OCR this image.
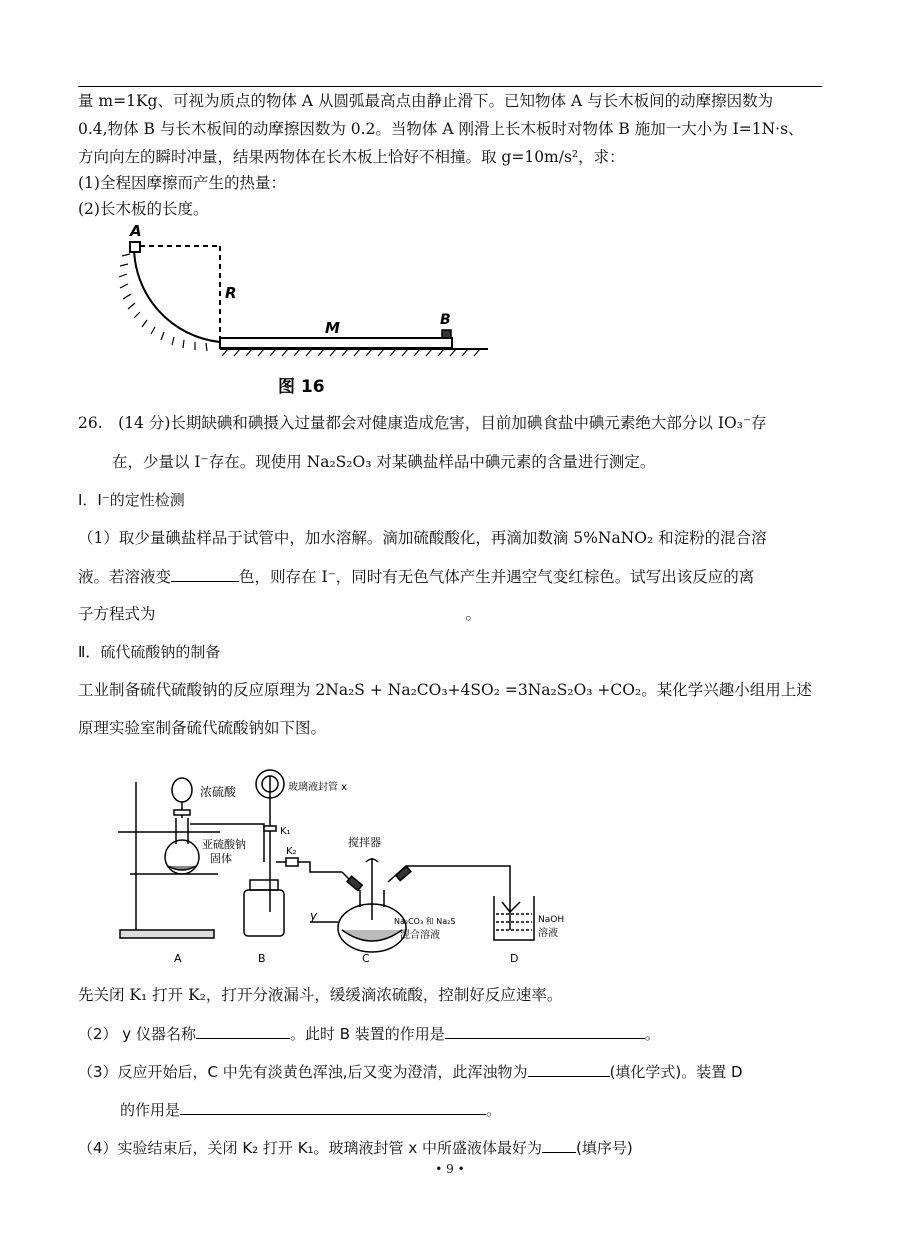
量 m=1Kg、可视为质点的物体 A 从圆弧最高点由静止滑下。已知物体 A 与长木板间的动摩擦因数为
0.4,物体 B 与长木板间的动摩擦因数为 0.2。当物体 A 刚滑上长木板时对物体 B 施加一大小为 I=1N·s、
方向向左的瞬时冲量，结果两物体在长木板上恰好不相撞。取 g=10m/s²，求：
(1)全程因摩擦而产生的热量：
(2)长木板的长度。
A
R
M	B
图 16
26.　(14 分)长期缺碘和碘摄入过量都会对健康造成危害，目前加碘食盐中碘元素绝大部分以 IO₃⁻存
在，少量以 I⁻存在。现使用 Na₂S₂O₃ 对某碘盐样品中碘元素的含量进行测定。
I．I⁻的定性检测
（1）取少量碘盐样品于试管中，加水溶解。滴加硫酸酸化，再滴加数滴 5%NaNO₂ 和淀粉的混合溶
液。若溶液变	色，则存在 I⁻，同时有无色气体产生并遇空气变红棕色。试写出该反应的离
子方程式为	。
Ⅱ．硫代硫酸钠的制备
工业制备硫代硫酸钠的反应原理为 2Na₂S + Na₂CO₃+4SO₂ =3Na₂S₂O₃ +CO₂。某化学兴趣小组用上述
原理实验室制备硫代硫酸钠如下图。
浓硫酸	玻璃液封管 x
K₁
K₂
亚硫酸钠
固体
搅拌器
y	Na₂CO₃ 和 Na₂S
混合溶液
NaOH
溶液
A	B	C	D
先关闭 K₁ 打开 K₂，打开分液漏斗，缓缓滴浓硫酸，控制好反应速率。
（2） y 仪器名称	。此时 B 装置的作用是	。
（3）反应开始后，C 中先有淡黄色浑浊,后又变为澄清，此浑浊物为	(填化学式)。装置 D
的作用是	。
（4）实验结束后，关闭 K₂ 打开 K₁。玻璃液封管 x 中所盛液体最好为 (填序号)
• 9 •
